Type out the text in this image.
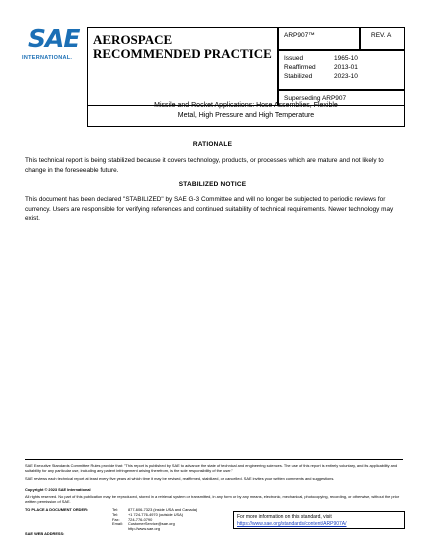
SAE
INTERNATIONAL.
AEROSPACE
RECOMMENDED PRACTICE
ARP907™	REV. A
Issued	1965-10
Reaffirmed	2013-01
Stabilized	2023-10
Superseding ARP907
Missile and Rocket Applications: Hose Assemblies, Flexible
Metal, High Pressure and High Temperature
RATIONALE
This technical report is being stabilized because it covers technology, products, or processes which are mature and not likely to change in the foreseeable future.
STABILIZED NOTICE
This document has been declared "STABILIZED" by SAE G-3 Committee and will no longer be subjected to periodic reviews for currency. Users are responsible for verifying references and continued suitability of technical requirements. Newer technology may exist.
SAE Executive Standards Committee Rules provide that: "This report is published by SAE to advance the state of technical and engineering sciences. The use of this report is entirely voluntary, and its applicability and suitability for any particular use, including any patent infringement arising therefrom, is the sole responsibility of the user."
SAE reviews each technical report at least every five years at which time it may be revised, reaffirmed, stabilized, or cancelled. SAE invites your written comments and suggestions.
Copyright © 2023 SAE International
All rights reserved. No part of this publication may be reproduced, stored in a retrieval system or transmitted, in any form or by any means, electronic, mechanical, photocopying, recording, or otherwise, without the prior written permission of SAE.
TO PLACE A DOCUMENT ORDER:	Tel:	877-606-7323 (inside USA and Canada)
Tel:	+1 724-776-4970 (outside USA)
Fax: 724-776-0790
Email: CustomerService@sae.org
http://www.sae.org
SAE WEB ADDRESS:
For more information on this standard, visit
https://www.sae.org/standards/content/ARP907A/
